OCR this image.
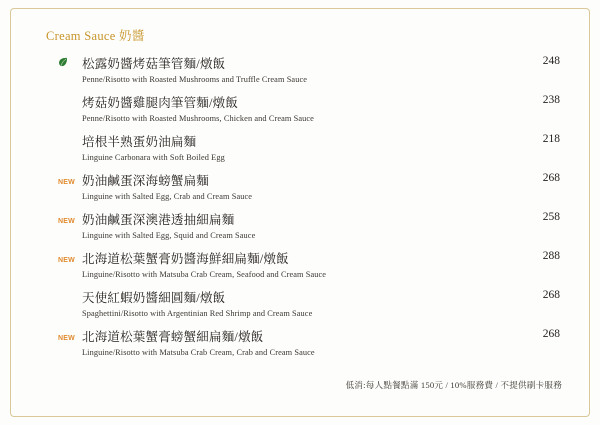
Cream Sauce 奶醬
松露奶醬烤菇筆管麵/燉飯
Penne/Risotto with Roasted Mushrooms and Truffle Cream Sauce
248
烤菇奶醬雞腿肉筆管麵/燉飯
Penne/Risotto with Roasted Mushrooms, Chicken and Cream Sauce
238
培根半熟蛋奶油扁麵
Linguine Carbonara with Soft Boiled Egg
218
NEW 奶油鹹蛋深海螃蟹扁麵
Linguine with Salted Egg, Crab and Cream Sauce
268
NEW 奶油鹹蛋深澳港透抽細扁麵
Linguine with Salted Egg, Squid and Cream Sauce
258
NEW 北海道松葉蟹膏奶醬海鮮細扁麵/燉飯
Linguine/Risotto with Matsuba Crab Cream, Seafood and Cream Sauce
288
天使紅蝦奶醬細圓麵/燉飯
Spaghettini/Risotto with Argentinian Red Shrimp and Cream Sauce
268
NEW 北海道松葉蟹膏螃蟹細扁麵/燉飯
Linguine/Risotto with Matsuba Crab Cream, Crab and Cream Sauce
268
低消:每人點餐點滿 150元 / 10%服務費 / 不提供刷卡服務
